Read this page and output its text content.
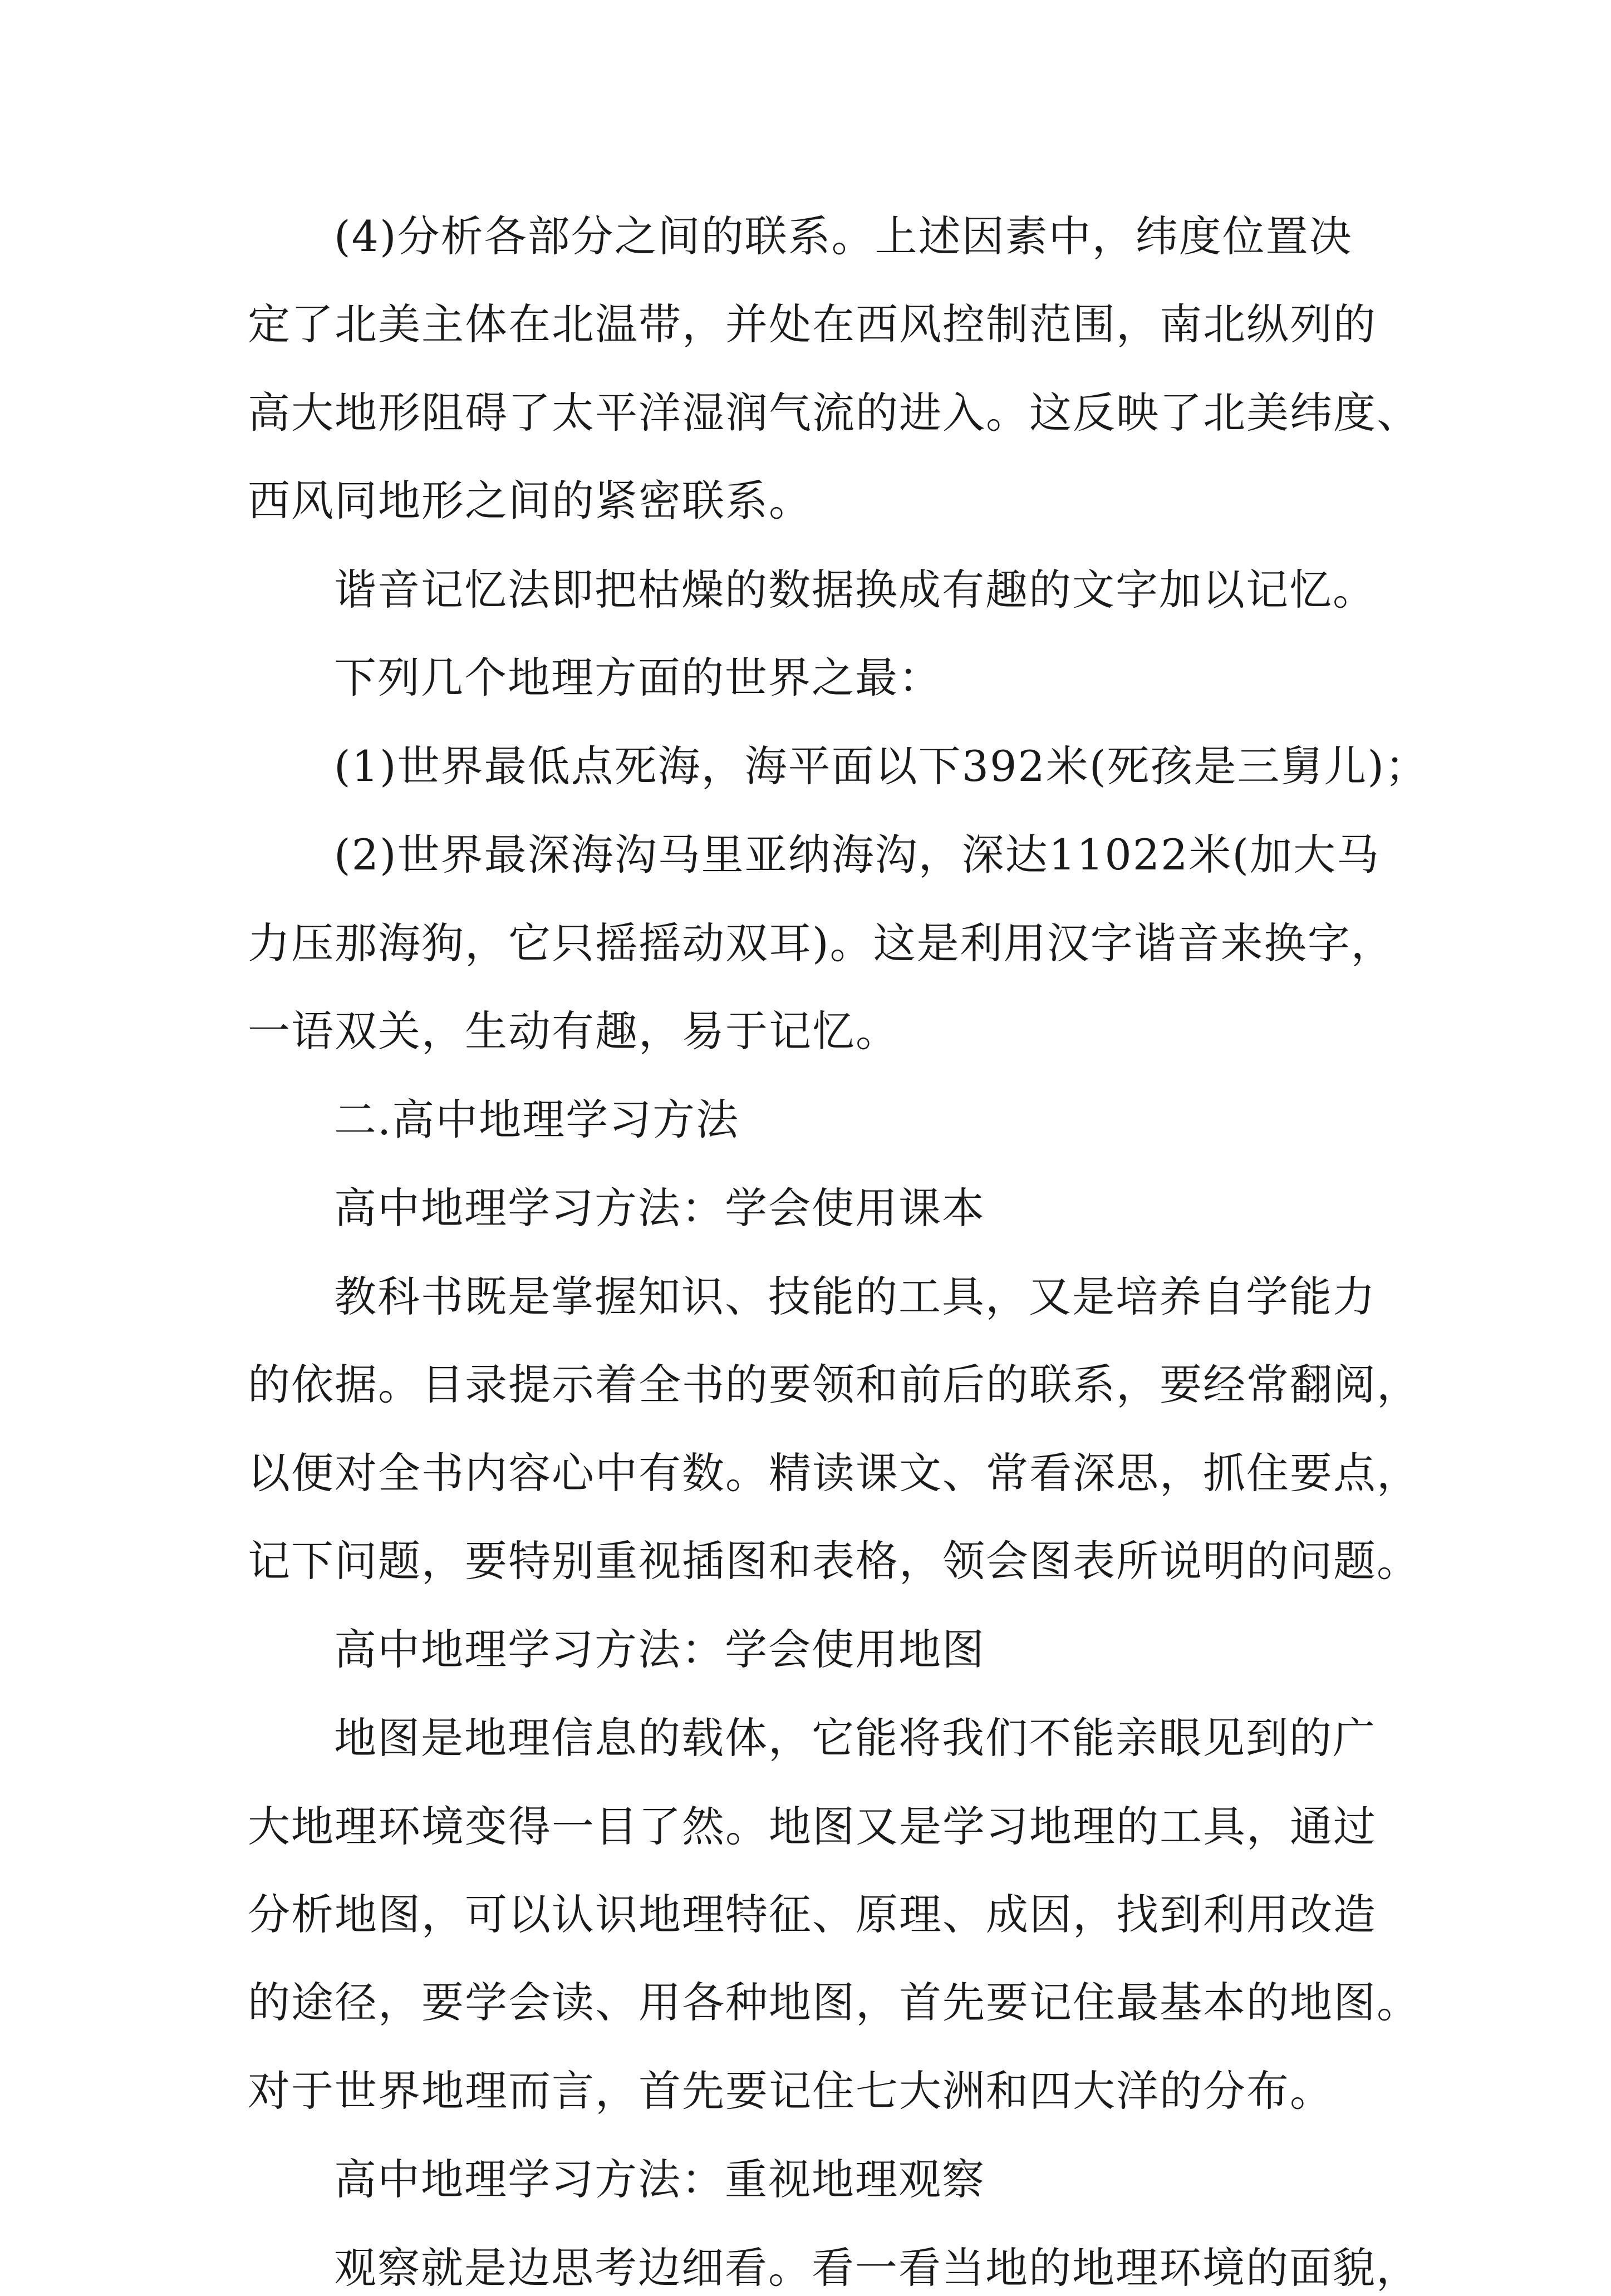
(4)分析各部分之间的联系。上述因素中，纬度位置决
定了北美主体在北温带，并处在西风控制范围，南北纵列的
高大地形阻碍了太平洋湿润气流的进入。这反映了北美纬度、
西风同地形之间的紧密联系。
谐音记忆法即把枯燥的数据换成有趣的文字加以记忆。
下列几个地理方面的世界之最：
(1)世界最低点死海，海平面以下392米(死孩是三舅儿)；
(2)世界最深海沟马里亚纳海沟，深达11022米(加大马
力压那海狗，它只摇摇动双耳)。这是利用汉字谐音来换字，
一语双关，生动有趣，易于记忆。
二.高中地理学习方法
高中地理学习方法：学会使用课本
教科书既是掌握知识、技能的工具，又是培养自学能力
的依据。目录提示着全书的要领和前后的联系，要经常翻阅，
以便对全书内容心中有数。精读课文、常看深思，抓住要点，
记下问题，要特别重视插图和表格，领会图表所说明的问题。
高中地理学习方法：学会使用地图
地图是地理信息的载体，它能将我们不能亲眼见到的广
大地理环境变得一目了然。地图又是学习地理的工具，通过
分析地图，可以认识地理特征、原理、成因，找到利用改造
的途径，要学会读、用各种地图，首先要记住最基本的地图。
对于世界地理而言，首先要记住七大洲和四大洋的分布。
高中地理学习方法：重视地理观察
观察就是边思考边细看。看一看当地的地理环境的面貌，
